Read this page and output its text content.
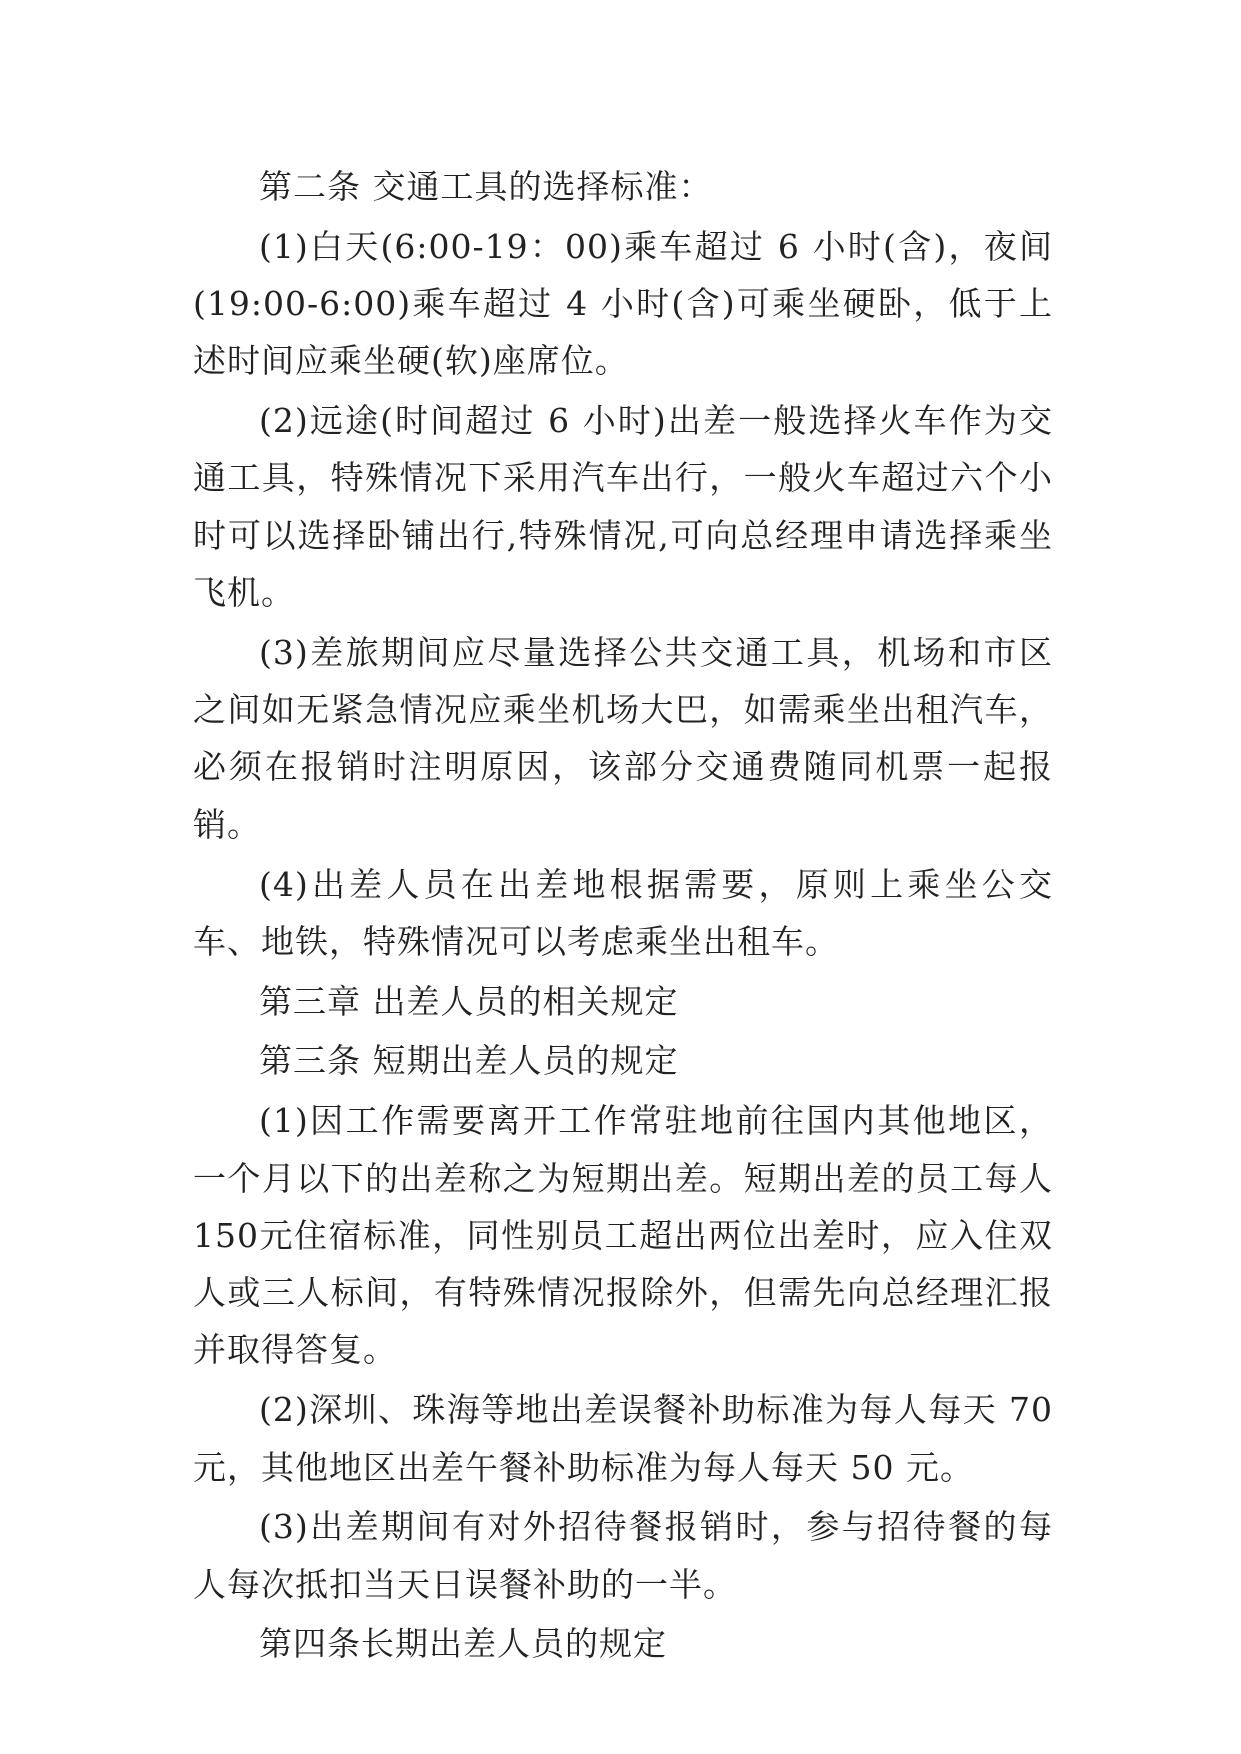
第二条 交通工具的选择标准：

(1)白天(6:00-19：00)乘车超过 6 小时(含)，夜间(19:00-6:00)乘车超过 4 小时(含)可乘坐硬卧，低于上述时间应乘坐硬(软)座席位。

(2)远途(时间超过 6 小时)出差一般选择火车作为交通工具，特殊情况下采用汽车出行，一般火车超过六个小时可以选择卧铺出行,特殊情况,可向总经理申请选择乘坐飞机。

(3)差旅期间应尽量选择公共交通工具，机场和市区之间如无紧急情况应乘坐机场大巴，如需乘坐出租汽车，必须在报销时注明原因，该部分交通费随同机票一起报销。

(4)出差人员在出差地根据需要，原则上乘坐公交车、地铁，特殊情况可以考虑乘坐出租车。

第三章 出差人员的相关规定

第三条 短期出差人员的规定

(1)因工作需要离开工作常驻地前往国内其他地区，一个月以下的出差称之为短期出差。短期出差的员工每人 150元住宿标准，同性别员工超出两位出差时，应入住双人或三人标间，有特殊情况报除外，但需先向总经理汇报并取得答复。

(2)深圳、珠海等地出差误餐补助标准为每人每天 70 元，其他地区出差午餐补助标准为每人每天 50 元。

(3)出差期间有对外招待餐报销时，参与招待餐的每人每次抵扣当天日误餐补助的一半。

第四条长期出差人员的规定
